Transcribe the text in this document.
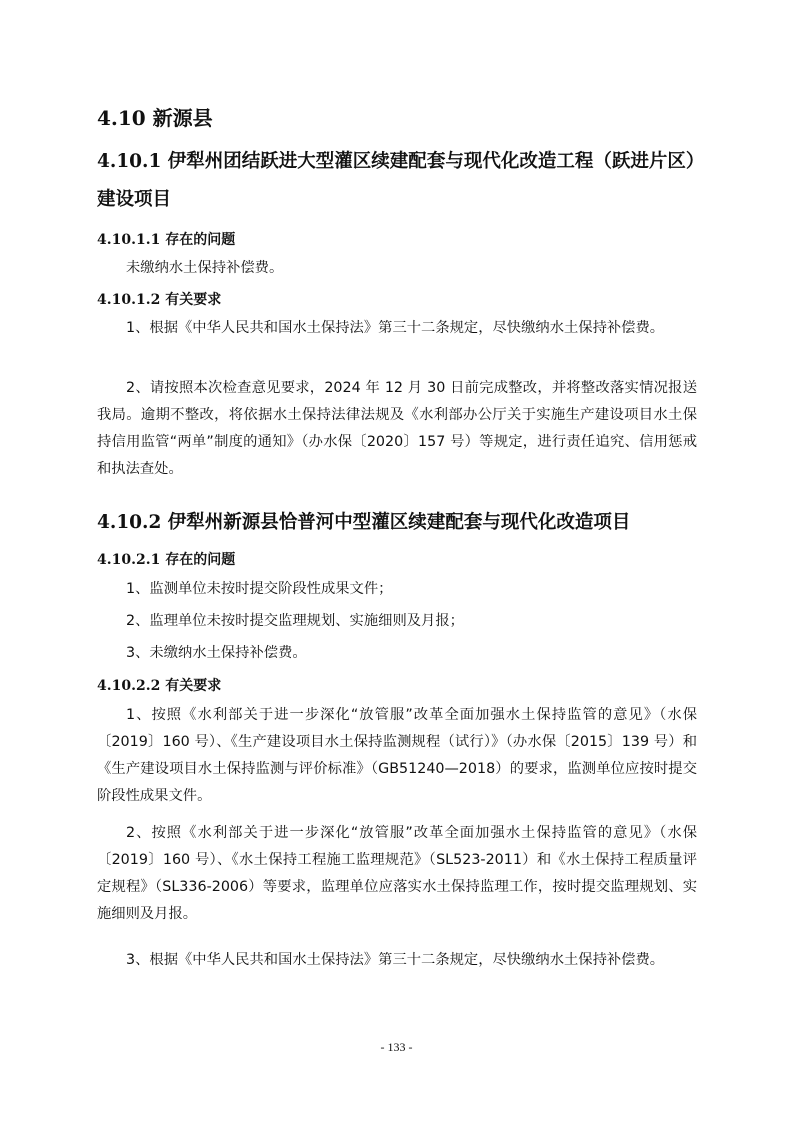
4.10 新源县
4.10.1 伊犁州团结跃进大型灌区续建配套与现代化改造工程（跃进片区）
建设项目
4.10.1.1 存在的问题
未缴纳水土保持补偿费。
4.10.1.2 有关要求
1、根据《中华人民共和国水土保持法》第三十二条规定，尽快缴纳水土保持补偿费。
2、请按照本次检查意见要求，2024 年 12 月 30 日前完成整改，并将整改落实情况报送我局。逾期不整改，将依据水土保持法律法规及《水利部办公厅关于实施生产建设项目水土保持信用监管“两单”制度的通知》（办水保〔2020〕157 号）等规定，进行责任追究、信用惩戒和执法查处。
4.10.2 伊犁州新源县恰普河中型灌区续建配套与现代化改造项目
4.10.2.1 存在的问题
1、监测单位未按时提交阶段性成果文件；
2、监理单位未按时提交监理规划、实施细则及月报；
3、未缴纳水土保持补偿费。
4.10.2.2 有关要求
1、按照《水利部关于进一步深化“放管服”改革全面加强水土保持监管的意见》（水保〔2019〕160 号）、《生产建设项目水土保持监测规程（试行）》（办水保〔2015〕139 号）和《生产建设项目水土保持监测与评价标准》（GB51240—2018）的要求，监测单位应按时提交阶段性成果文件。
2、按照《水利部关于进一步深化“放管服”改革全面加强水土保持监管的意见》（水保〔2019〕160 号）、《水土保持工程施工监理规范》（SL523-2011）和《水土保持工程质量评定规程》（SL336-2006）等要求，监理单位应落实水土保持监理工作，按时提交监理规划、实施细则及月报。
3、根据《中华人民共和国水土保持法》第三十二条规定，尽快缴纳水土保持补偿费。
- 133 -
